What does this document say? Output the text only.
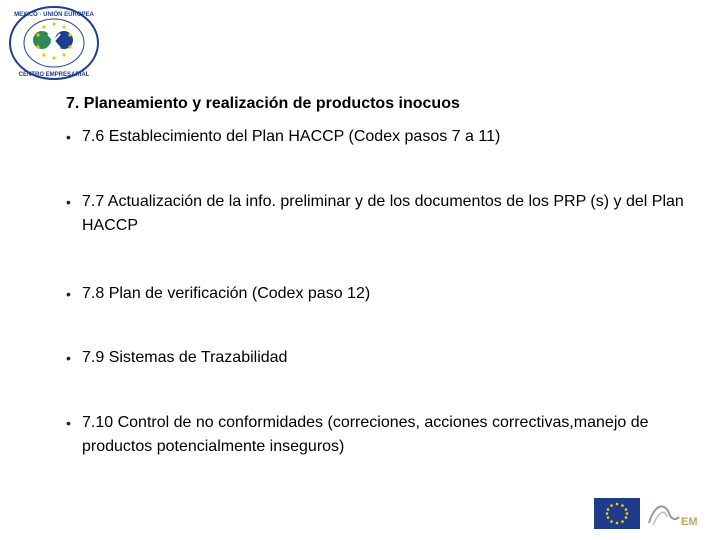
MEXICO · UNIÓN EUROPEA
CENTRO EMPRESARIAL
7. Planeamiento y realización de productos inocuos
• 7.6 Establecimiento del Plan HACCP (Codex pasos 7 a 11)
• 7.7 Actualización de la info. preliminar y de los documentos de los PRP (s) y del Plan HACCP
• 7.8 Plan de verificación (Codex paso 12)
• 7.9 Sistemas de Trazabilidad
• 7.10 Control de no conformidades (correciones, acciones correctivas,manejo de productos potencialmente inseguros)
EM
